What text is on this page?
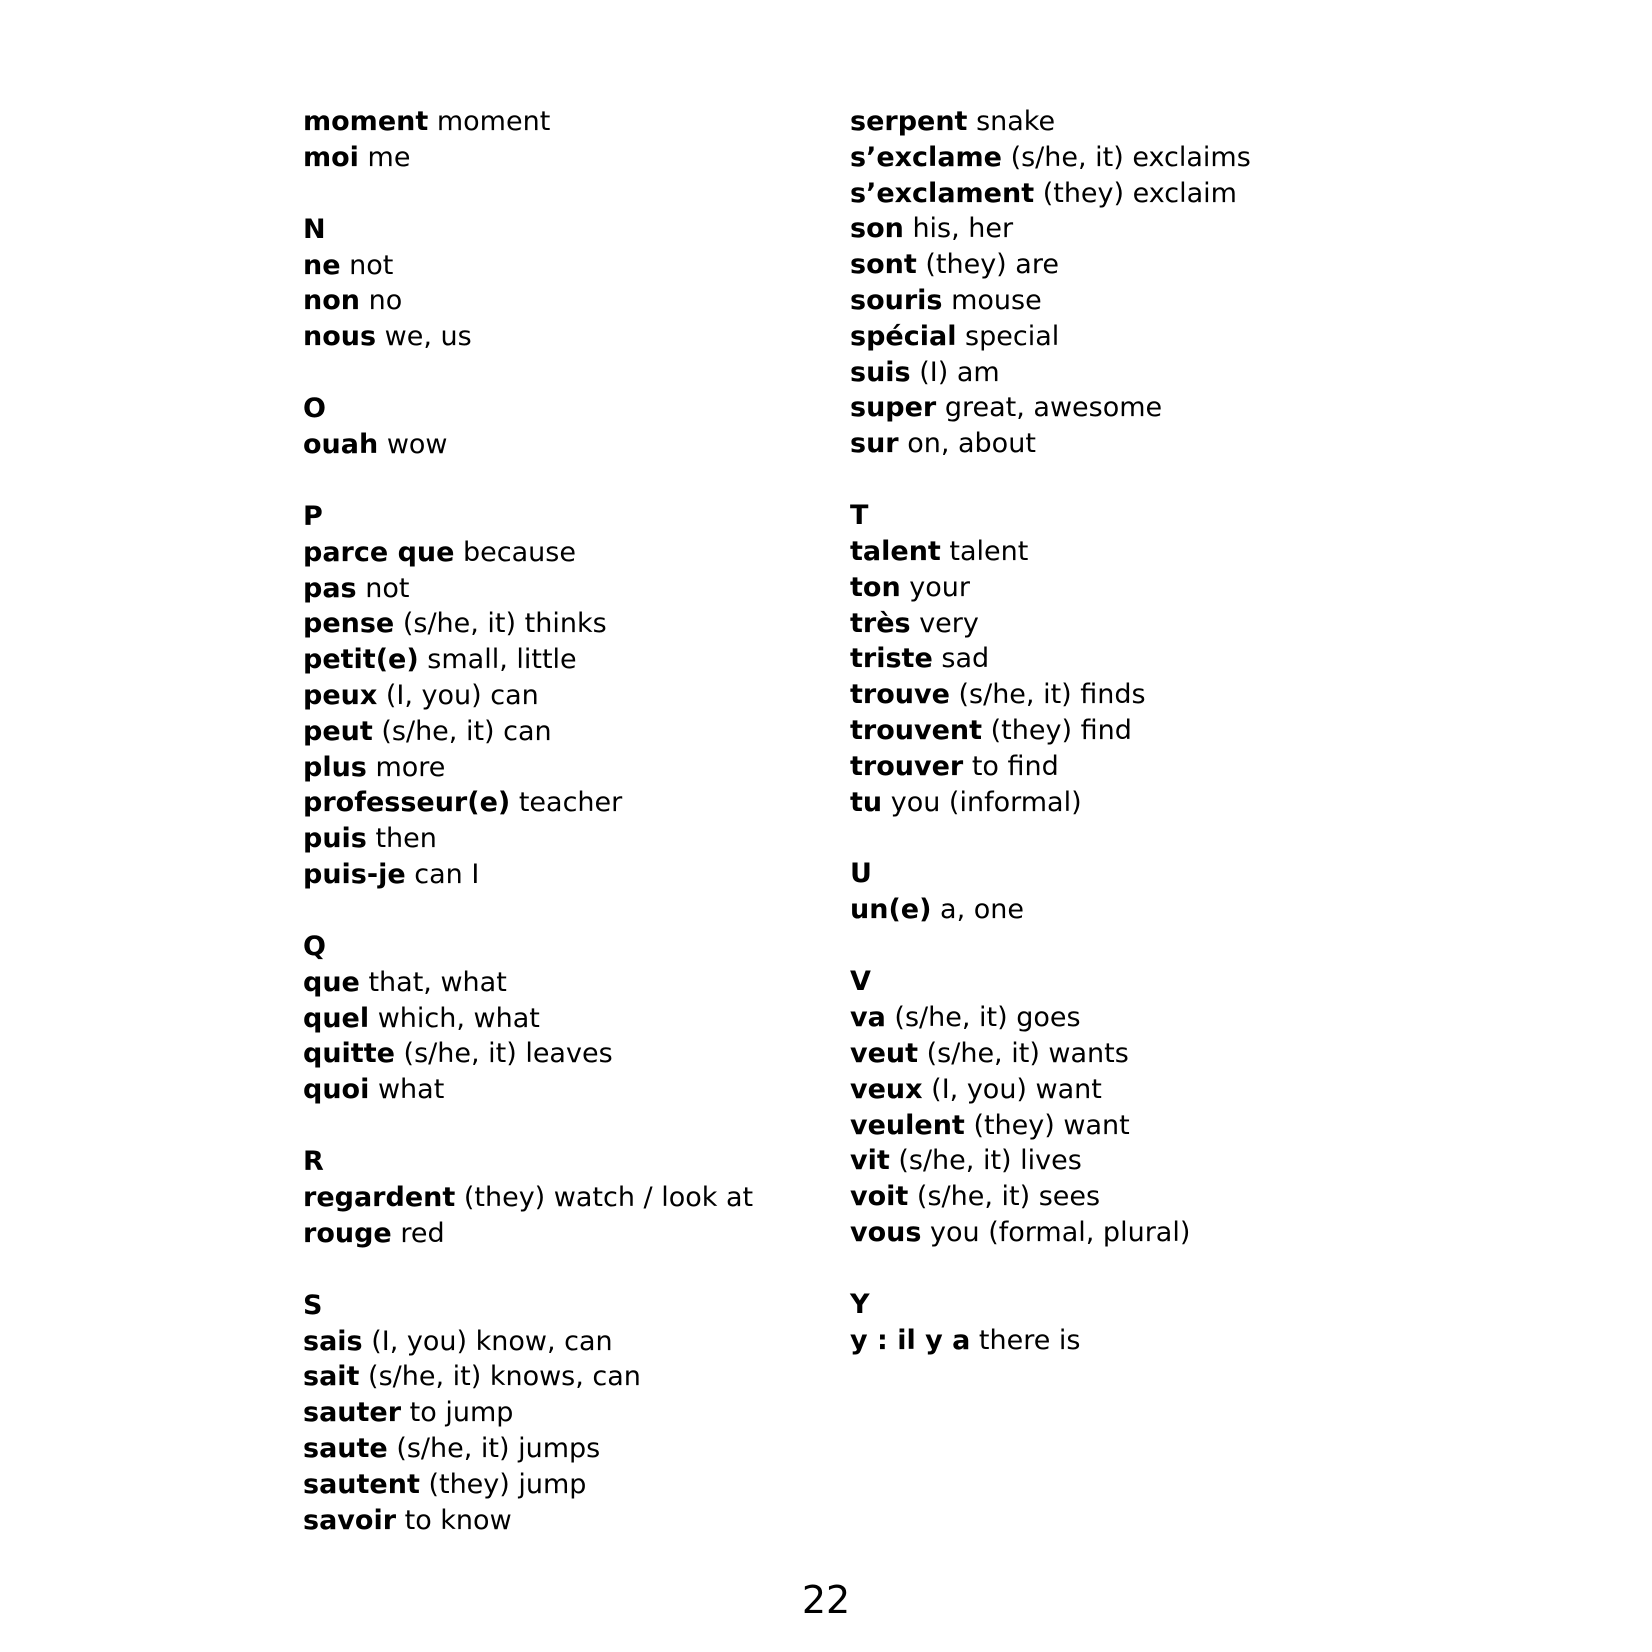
moment moment
moi me
N
ne not
non no
nous we, us
O
ouah wow
P
parce que because
pas not
pense (s/he, it) thinks
petit(e) small, little
peux (I, you) can
peut (s/he, it) can
plus more
professeur(e) teacher
puis then
puis-je can I
Q
que that, what
quel which, what
quitte (s/he, it) leaves
quoi what
R
regardent (they) watch / look at
rouge red
S
sais (I, you) know, can
sait (s/he, it) knows, can
sauter to jump
saute (s/he, it) jumps
sautent (they) jump
savoir to know
serpent snake
s’exclame (s/he, it) exclaims
s’exclament (they) exclaim
son his, her
sont (they) are
souris mouse
spécial special
suis (I) am
super great, awesome
sur on, about
T
talent talent
ton your
très very
triste sad
trouve (s/he, it) finds
trouvent (they) find
trouver to find
tu you (informal)
U
un(e) a, one
V
va (s/he, it) goes
veut (s/he, it) wants
veux (I, you) want
veulent (they) want
vit (s/he, it) lives
voit (s/he, it) sees
vous you (formal, plural)
Y
y : il y a there is
22
